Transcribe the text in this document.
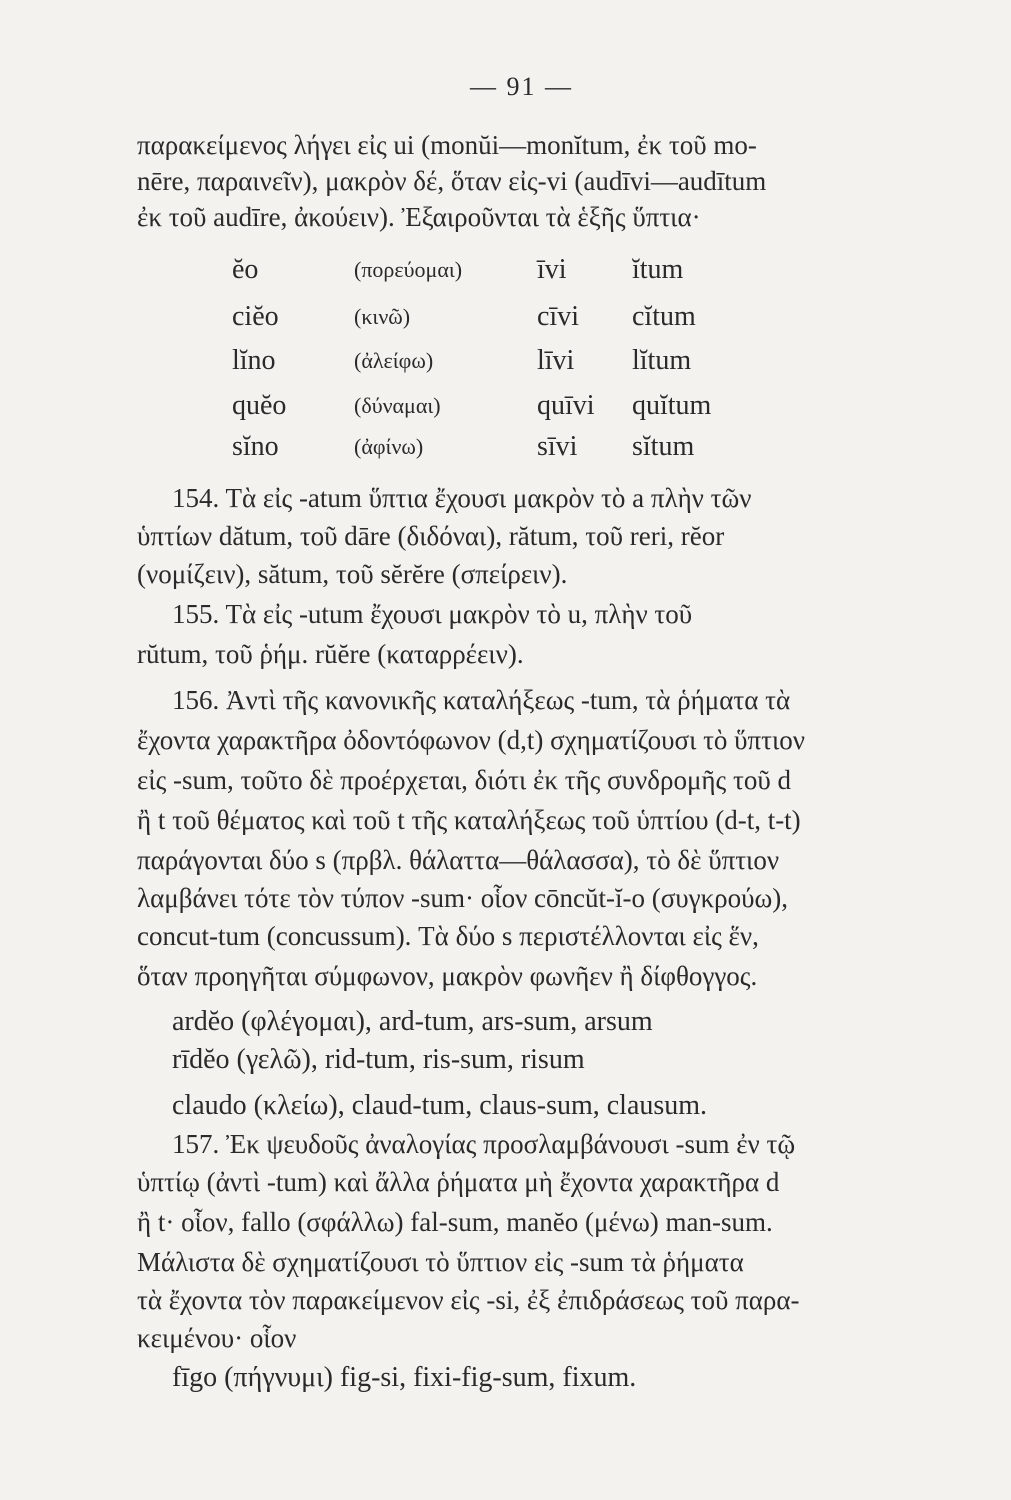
— 91 —
παρακείμενος λήγει εἰς ui (monŭi—monĭtum, ἐκ τοῦ mo-
nēre, παραινεῖν), μακρὸν δέ, ὅταν εἰς-vi (audīvi—audītum
ἐκ τοῦ audīre, ἀκούειν). Ἐξαιροῦνται τὰ ἑξῆς ὕπτια·
ĕo	(πορεύομαι)	īvi ĭtum
ciĕo	(κινῶ)	cīvi cĭtum
lĭno	(ἀλείφω)	līvi lĭtum
quĕo	(δύναμαι)	quīvi quĭtum
sĭno	(ἀφίνω)	sīvi sĭtum
154. Τὰ εἰς -atum ὕπτια ἔχουσι μακρὸν τὸ a πλὴν τῶν
ὑπτίων dătum, τοῦ dāre (διδόναι), rătum, τοῦ reri, rĕor
(νομίζειν), sătum, τοῦ sĕrĕre (σπείρειν).
155. Τὰ εἰς -utum ἔχουσι μακρὸν τὸ u, πλὴν τοῦ
rŭtum, τοῦ ῥήμ. rŭĕre (καταρρέειν).
156. Ἀντὶ τῆς κανονικῆς καταλήξεως -tum, τὰ ῥήματα τὰ
ἔχοντα χαρακτῆρα ὀδοντόφωνον (d,t) σχηματίζουσι τὸ ὕπτιον
εἰς -sum, τοῦτο δὲ προέρχεται, διότι ἐκ τῆς συνδρομῆς τοῦ d
ἢ t τοῦ θέματος καὶ τοῦ t τῆς καταλήξεως τοῦ ὑπτίου (d-t, t-t)
παράγονται δύο s (πρβλ. θάλαττα—θάλασσα), τὸ δὲ ὕπτιον
λαμβάνει τότε τὸν τύπον -sum· οἷον cōncŭt-ĭ-o (συγκρούω),
concut-tum (concussum). Τὰ δύο s περιστέλλονται εἰς ἕν,
ὅταν προηγῆται σύμφωνον, μακρὸν φωνῆεν ἢ δίφθογγος.
ardĕo (φλέγομαι), ard-tum, ars-sum, arsum
rīdĕo (γελῶ), rid-tum, ris-sum, risum
claudo (κλείω), claud-tum, claus-sum, clausum.
157. Ἐκ ψευδοῦς ἀναλογίας προσλαμβάνουσι -sum ἐν τῷ
ὑπτίῳ (ἀντὶ -tum) καὶ ἄλλα ῥήματα μὴ ἔχοντα χαρακτῆρα d
ἢ t· οἷον, fallo (σφάλλω) fal-sum, manĕo (μένω) man-sum.
Μάλιστα δὲ σχηματίζουσι τὸ ὕπτιον εἰς -sum τὰ ῥήματα
τὰ ἔχοντα τὸν παρακείμενον εἰς -si, ἐξ ἐπιδράσεως τοῦ παρα-
κειμένου· οἷον
fīgo (πήγνυμι) fig-si, fixi-fig-sum, fixum.
